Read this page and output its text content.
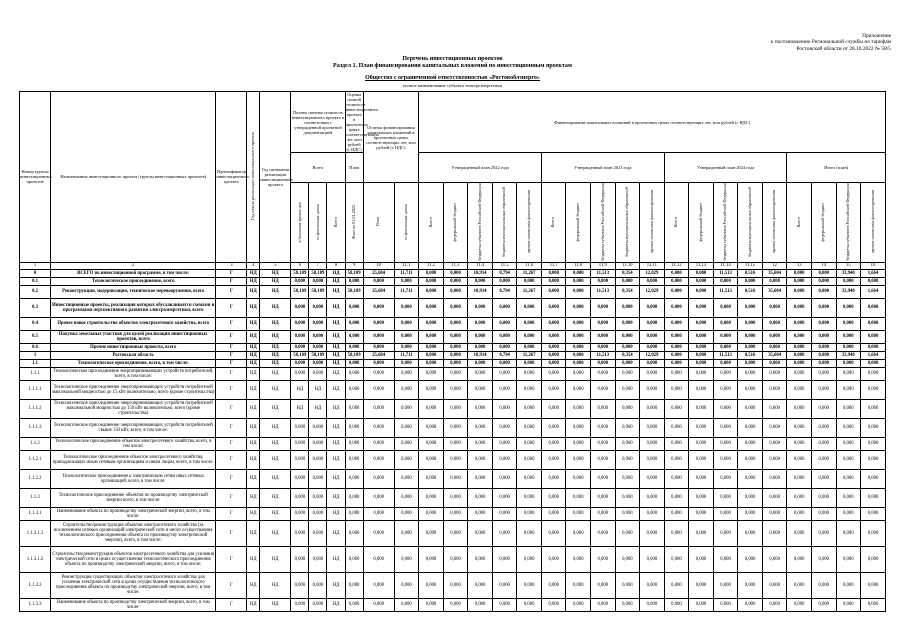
Приложение
к постановлению Региональной службы по тарифам
Ростовской области от 28.10.2022 № 58/5
Перечень инвестиционных проектов
Раздел 1. План финансирования капитальных вложений по инвестиционным проектам
Общество с ограниченной ответственностью «Ростовоблэнерго»
полное наименование субъекта электроэнергетики
Номер группы инвестиционных проектов	Наименование инвестиционного проекта (группы инвестиционных проектов)	Идентификатор инвестиционного проекта	Год начала реализации инвестиционного проекта	Год окончания реализации инвестиционного проекта	Полная сметная стоимость инвестиционного проекта в соответствии с утвержденной проектной документацией			Оценка полной стоимости инвестиционного проекта в прогнозных ценах соответствующих лет, млн рублей (с НДС)	Остаток финансирования капитальных вложений в прогнозных ценах соответствующих лет, млн рублей (с НДС)		Финансирование капитальных вложений в прогнозных ценах соответствующих лет, млн рублей (с НДС)																		
					Всего			План			Утвержденный план 2022 года					Утвержденный план 2023 года					Утвержденный план 2024 года					Итого (план)			
					в базисном уровне цен	в прогнозных ценах	Всего	Факт на 01.01.2022	План	в прогнозных ценах	Всего	федеральный бюджет	бюджеты субъектов Российской Федерации	бюджеты муниципальных образований	прочие источники финансирования	Всего	федеральный бюджет	бюджеты субъектов Российской Федерации	бюджеты муниципальных образований	прочие источники финансирования	Всего	федеральный бюджет	бюджеты субъектов Российской Федерации	бюджеты муниципальных образований	прочие источники финансирования	Всего	федеральный бюджет	бюджеты субъектов Российской Федерации	прочие источники финансирования
1	2	3	4	5	6	7	8	9	10	11.1	11.2	11.3	11.4	11.5	11.6	11.7	11.8	11.9	11.10	11.11	11.12	11.13	11.14	11.15	12	13	14	15	16
0	ВСЕГО по инвестиционной программе, в том числе:	Г	НД	НД	58,109	58,109	НД	58,109	25,684	11,711	0,000	0,000	10,914	0,794	11,267	0,000	0,000	11,513	0,354	12,029	0,000	0,000	11,513	0,516	35,604	0,000	0,000	33,940	1,664
0.1	Технологическое присоединение, всего	Г	НД	НД	0,000	0,000	НД	0,000	0,000	0,000	0,000	0,000	0,000	0,000	0,000	0,000	0,000	0,000	0,000	0,000	0,000	0,000	0,000	0,000	0,000	0,000	0,000	0,000	0,000
0.2	Реконструкция, модернизация, техническое перевооружение, всего	Г	НД	НД	58,109	58,109	НД	58,109	25,684	11,711	0,000	0,000	10,914	0,794	11,267	0,000	0,000	11,513	0,354	12,029	0,000	0,000	11,513	0,516	35,604	0,000	0,000	33,940	1,664
0.3	Инвестиционные проекты, реализация которых обуславливается схемами и программами перспективного развития электроэнергетики, всего	Г	НД	НД	0,000	0,000	НД	0,000	0,000	0,000	0,000	0,000	0,000	0,000	0,000	0,000	0,000	0,000	0,000	0,000	0,000	0,000	0,000	0,000	0,000	0,000	0,000	0,000	0,000
0.4	Прочее новое строительство объектов электросетевого хозяйства, всего	Г	НД	НД	0,000	0,000	НД	0,000	0,000	0,000	0,000	0,000	0,000	0,000	0,000	0,000	0,000	0,000	0,000	0,000	0,000	0,000	0,000	0,000	0,000	0,000	0,000	0,000	0,000
0.5	Покупка земельных участков для целей реализации инвестиционных проектов, всего	Г	НД	НД	0,000	0,000	НД	0,000	0,000	0,000	0,000	0,000	0,000	0,000	0,000	0,000	0,000	0,000	0,000	0,000	0,000	0,000	0,000	0,000	0,000	0,000	0,000	0,000	0,000
0.6	Прочие инвестиционные проекты, всего	Г	НД	НД	0,000	0,000	НД	0,000	0,000	0,000	0,000	0,000	0,000	0,000	0,000	0,000	0,000	0,000	0,000	0,000	0,000	0,000	0,000	0,000	0,000	0,000	0,000	0,000	0,000
1	Ростовская область	Г	НД	НД	58,109	58,109	НД	58,109	25,684	11,711	0,000	0,000	10,914	0,794	11,267	0,000	0,000	11,513	0,354	12,029	0,000	0,000	11,513	0,516	35,604	0,000	0,000	33,940	1,664
1.1	Технологическое присоединение, всего, в том числе:	Г	НД	НД	0,000	0,000	НД	0,000	0,000	0,000	0,000	0,000	0,000	0,000	0,000	0,000	0,000	0,000	0,000	0,000	0,000	0,000	0,000	0,000	0,000	0,000	0,000	0,000	0,000
1.1.1	Технологическое присоединение энергопринимающих устройств потребителей, всего, в том числе:	Г	НД	НД	0,000	0,000	НД	0,000	0,000	0,000	0,000	0,000	0,000	0,000	0,000	0,000	0,000	0,000	0,000	0,000	0,000	0,000	0,000	0,000	0,000	0,000	0,000	0,000	0,000
1.1.1.1	Технологическое присоединение энергопринимающих устройств потребителей максимальной мощностью до 15 кВт включительно, всего (кроме строительства)	Г	НД	НД	НД	НД	НД	0,000	0,000	0,000	0,000	0,000	0,000	0,000	0,000	0,000	0,000	0,000	0,000	0,000	0,000	0,000	0,000	0,000	0,000	0,000	0,000	0,000	0,000
1.1.1.2	Технологическое присоединение энергопринимающих устройств потребителей максимальной мощностью до 150 кВт включительно, всего (кроме строительства)	Г	НД	НД	НД	НД	НД	0,000	0,000	0,000	0,000	0,000	0,000	0,000	0,000	0,000	0,000	0,000	0,000	0,000	0,000	0,000	0,000	0,000	0,000	0,000	0,000	0,000	0,000
1.1.1.3	Технологическое присоединение энергопринимающих устройств потребителей свыше 150 кВт, всего, в том числе:	Г	НД	НД	0,000	0,000	НД	0,000	0,000	0,000	0,000	0,000	0,000	0,000	0,000	0,000	0,000	0,000	0,000	0,000	0,000	0,000	0,000	0,000	0,000	0,000	0,000	0,000	0,000
1.1.2	Технологическое присоединение объектов электросетевого хозяйства, всего, в том числе:	Г	НД	НД	0,000	0,000	НД	0,000	0,000	0,000	0,000	0,000	0,000	0,000	0,000	0,000	0,000	0,000	0,000	0,000	0,000	0,000	0,000	0,000	0,000	0,000	0,000	0,000	0,000
1.1.2.1	Технологическое присоединение объектов электросетевого хозяйства, принадлежащих иным сетевым организациям и иным лицам, всего, в том числе:	Г	НД	НД	0,000	0,000	НД	0,000	0,000	0,000	0,000	0,000	0,000	0,000	0,000	0,000	0,000	0,000	0,000	0,000	0,000	0,000	0,000	0,000	0,000	0,000	0,000	0,000	0,000
1.1.2.2	Технологическое присоединение к электрическим сетям иных сетевых организаций, всего, в том числе:	Г	НД	НД	0,000	0,000	НД	0,000	0,000	0,000	0,000	0,000	0,000	0,000	0,000	0,000	0,000	0,000	0,000	0,000	0,000	0,000	0,000	0,000	0,000	0,000	0,000	0,000	0,000
1.1.3	Технологическое присоединение объектов по производству электрической энергии всего, в том числе:	Г	НД	НД	0,000	0,000	НД	0,000	0,000	0,000	0,000	0,000	0,000	0,000	0,000	0,000	0,000	0,000	0,000	0,000	0,000	0,000	0,000	0,000	0,000	0,000	0,000	0,000	0,000
1.1.3.1	Наименование объекта по производству электрической энергии, всего, в том числе:	Г	НД	НД	0,000	0,000	НД	0,000	0,000	0,000	0,000	0,000	0,000	0,000	0,000	0,000	0,000	0,000	0,000	0,000	0,000	0,000	0,000	0,000	0,000	0,000	0,000	0,000	0,000
1.1.3.1.1	Строительство/реконструкция объектов электросетевого хозяйства (за исключением сетевых организаций электрической сети и иного осуществления технологического присоединения объекта по производству электрической энергии), всего, в том числе:	Г	НД	НД	0,000	0,000	НД	0,000	0,000	0,000	0,000	0,000	0,000	0,000	0,000	0,000	0,000	0,000	0,000	0,000	0,000	0,000	0,000	0,000	0,000	0,000	0,000	0,000	0,000
1.1.3.1.2	Строительство/реконструкция объектов электросетевого хозяйства для усиления электрической сети в целях осуществления технологического присоединения объекта по производству электрической энергии, всего, в том числе:	Г	НД	НД	0,000	0,000	НД	0,000	0,000	0,000	0,000	0,000	0,000	0,000	0,000	0,000	0,000	0,000	0,000	0,000	0,000	0,000	0,000	0,000	0,000	0,000	0,000	0,000	0,000
1.1.3.2	Реконструкция существующих объектов электросетевого хозяйства для усиления электрической сети в целях осуществления технологического присоединения объекта по производству электрической энергии, всего, в том числе:	Г	НД	НД	0,000	0,000	НД	0,000	0,000	0,000	0,000	0,000	0,000	0,000	0,000	0,000	0,000	0,000	0,000	0,000	0,000	0,000	0,000	0,000	0,000	0,000	0,000	0,000	0,000
1.1.3.3	Наименование объекта по производству электрической энергии, всего, в том числе:	Г	НД	НД	0,000	0,000	НД	0,000	0,000	0,000	0,000	0,000	0,000	0,000	0,000	0,000	0,000	0,000	0,000	0,000	0,000	0,000	0,000	0,000	0,000	0,000	0,000	0,000	0,000
